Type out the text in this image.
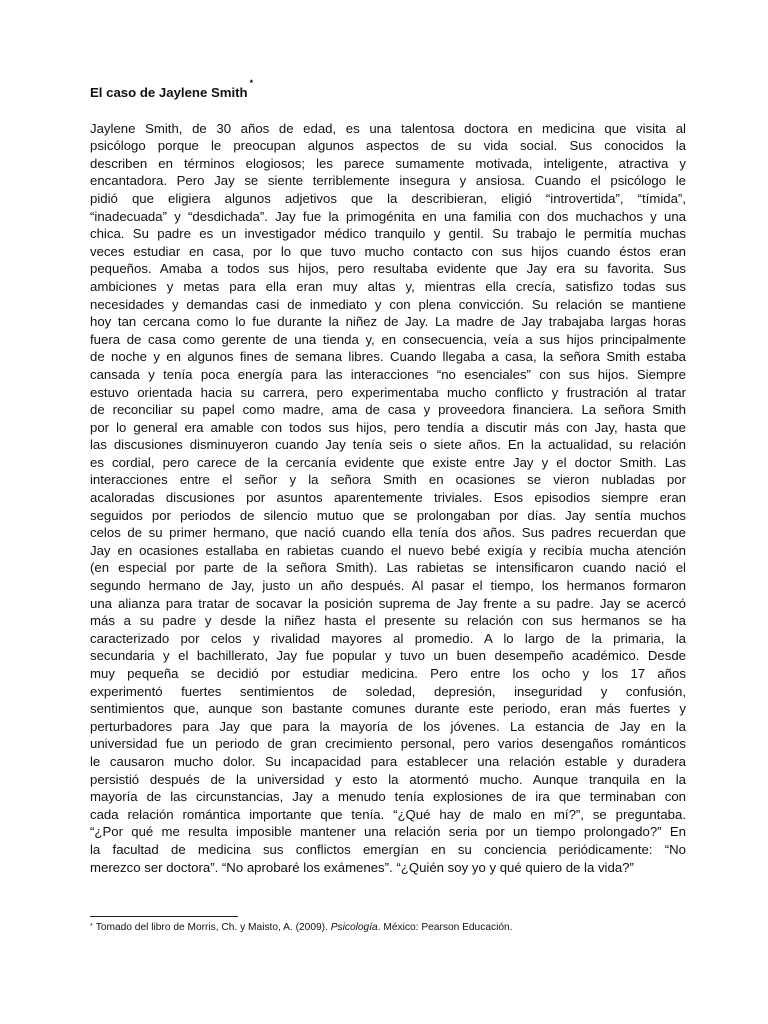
El caso de Jaylene Smith*
Jaylene Smith, de 30 años de edad, es una talentosa doctora en medicina que visita al
psicólogo porque le preocupan algunos aspectos de su vida social. Sus conocidos la
describen en términos elogiosos; les parece sumamente motivada, inteligente, atractiva y
encantadora. Pero Jay se siente terriblemente insegura y ansiosa. Cuando el psicólogo le
pidió que eligiera algunos adjetivos que la describieran, eligió “introvertida”, “tímida”,
“inadecuada” y “desdichada”. Jay fue la primogénita en una familia con dos muchachos y una
chica. Su padre es un investigador médico tranquilo y gentil. Su trabajo le permitía muchas
veces estudiar en casa, por lo que tuvo mucho contacto con sus hijos cuando éstos eran
pequeños. Amaba a todos sus hijos, pero resultaba evidente que Jay era su favorita. Sus
ambiciones y metas para ella eran muy altas y, mientras ella crecía, satisfizo todas sus
necesidades y demandas casi de inmediato y con plena convicción. Su relación se mantiene
hoy tan cercana como lo fue durante la niñez de Jay. La madre de Jay trabajaba largas horas
fuera de casa como gerente de una tienda y, en consecuencia, veía a sus hijos principalmente
de noche y en algunos fines de semana libres. Cuando llegaba a casa, la señora Smith estaba
cansada y tenía poca energía para las interacciones “no esenciales” con sus hijos. Siempre
estuvo orientada hacia su carrera, pero experimentaba mucho conflicto y frustración al tratar
de reconciliar su papel como madre, ama de casa y proveedora financiera. La señora Smith
por lo general era amable con todos sus hijos, pero tendía a discutir más con Jay, hasta que
las discusiones disminuyeron cuando Jay tenía seis o siete años. En la actualidad, su relación
es cordial, pero carece de la cercanía evidente que existe entre Jay y el doctor Smith. Las
interacciones entre el señor y la señora Smith en ocasiones se vieron nubladas por
acaloradas discusiones por asuntos aparentemente triviales. Esos episodios siempre eran
seguidos por periodos de silencio mutuo que se prolongaban por días. Jay sentía muchos
celos de su primer hermano, que nació cuando ella tenía dos años. Sus padres recuerdan que
Jay en ocasiones estallaba en rabietas cuando el nuevo bebé exigía y recibía mucha atención
(en especial por parte de la señora Smith). Las rabietas se intensificaron cuando nació el
segundo hermano de Jay, justo un año después. Al pasar el tiempo, los hermanos formaron
una alianza para tratar de socavar la posición suprema de Jay frente a su padre. Jay se acercó
más a su padre y desde la niñez hasta el presente su relación con sus hermanos se ha
caracterizado por celos y rivalidad mayores al promedio. A lo largo de la primaria, la
secundaria y el bachillerato, Jay fue popular y tuvo un buen desempeño académico. Desde
muy pequeña se decidió por estudiar medicina. Pero entre los ocho y los 17 años
experimentó fuertes sentimientos de soledad, depresión, inseguridad y confusión,
sentimientos que, aunque son bastante comunes durante este periodo, eran más fuertes y
perturbadores para Jay que para la mayoría de los jóvenes. La estancia de Jay en la
universidad fue un periodo de gran crecimiento personal, pero varios desengaños románticos
le causaron mucho dolor. Su incapacidad para establecer una relación estable y duradera
persistió después de la universidad y esto la atormentó mucho. Aunque tranquila en la
mayoría de las circunstancias, Jay a menudo tenía explosiones de ira que terminaban con
cada relación romántica importante que tenía. “¿Qué hay de malo en mí?”, se preguntaba.
“¿Por qué me resulta imposible mantener una relación seria por un tiempo prolongado?” En
la facultad de medicina sus conflictos emergían en su conciencia periódicamente: “No
merezco ser doctora”. “No aprobaré los exámenes”. “¿Quién soy yo y qué quiero de la vida?”
* Tomado del libro de Morris, Ch. y Maisto, A. (2009). Psicología. México: Pearson Educación.
